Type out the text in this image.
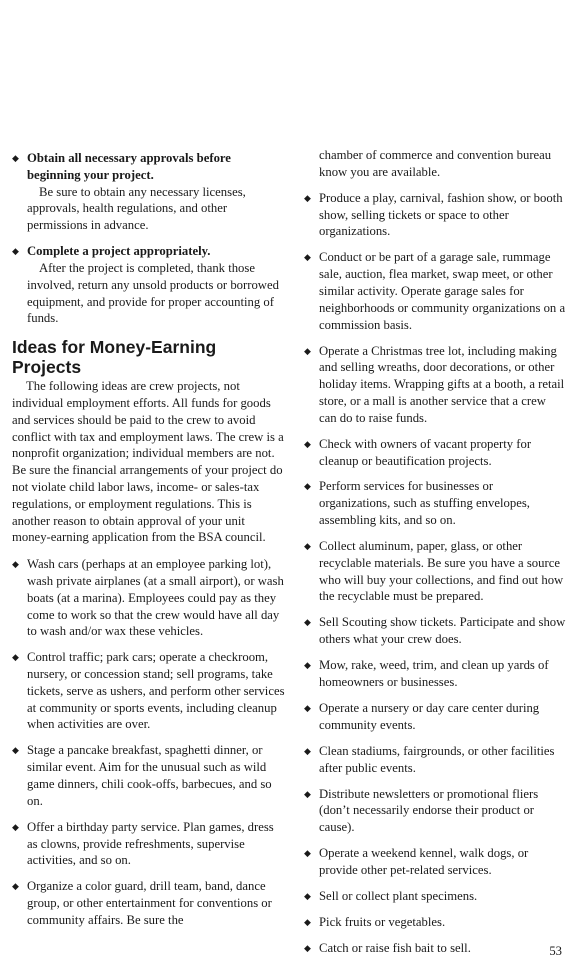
◆ Obtain all necessary approvals before beginning your project.
Be sure to obtain any necessary licenses, approvals, health regulations, and other permissions in advance.
◆ Complete a project appropriately.
After the project is completed, thank those involved, return any unsold products or borrowed equipment, and provide for proper accounting of funds.
Ideas for Money-Earning Projects

The following ideas are crew projects, not individual employment efforts. All funds for goods and services should be paid to the crew to avoid conflict with tax and employment laws. The crew is a nonprofit organization; individual members are not. Be sure the financial arrangements of your project do not violate child labor laws, income- or sales-tax regulations, or employment regulations. This is another reason to obtain approval of your unit money-earning application from the BSA council.

◆ Wash cars (perhaps at an employee parking lot), wash private airplanes (at a small airport), or wash boats (at a marina). Employees could pay as they come to work so that the crew would have all day to wash and/or wax these vehicles.
◆ Control traffic; park cars; operate a checkroom, nursery, or concession stand; sell programs, take tickets, serve as ushers, and perform other services at community or sports events, including cleanup when activities are over.
◆ Stage a pancake breakfast, spaghetti dinner, or similar event. Aim for the unusual such as wild game dinners, chili cook-offs, barbecues, and so on.
◆ Offer a birthday party service. Plan games, dress as clowns, provide refreshments, supervise activities, and so on.
◆ Organize a color guard, drill team, band, dance group, or other entertainment for conventions or community affairs. Be sure the

chamber of commerce and convention bureau know you are available.

◆ Produce a play, carnival, fashion show, or booth show, selling tickets or space to other organizations.
◆ Conduct or be part of a garage sale, rummage sale, auction, flea market, swap meet, or other similar activity. Operate garage sales for neighborhoods or community organizations on a commission basis.
◆ Operate a Christmas tree lot, including making and selling wreaths, door decorations, or other holiday items. Wrapping gifts at a booth, a retail store, or a mall is another service that a crew can do to raise funds.
◆ Check with owners of vacant property for cleanup or beautification projects.
◆ Perform services for businesses or organizations, such as stuffing envelopes, assembling kits, and so on.
◆ Collect aluminum, paper, glass, or other recyclable materials. Be sure you have a source who will buy your collections, and find out how the recyclable must be prepared.
◆ Sell Scouting show tickets. Participate and show others what your crew does.
◆ Mow, rake, weed, trim, and clean up yards of homeowners or businesses.
◆ Operate a nursery or day care center during community events.
◆ Clean stadiums, fairgrounds, or other facilities after public events.
◆ Distribute newsletters or promotional fliers (don’t necessarily endorse their product or cause).
◆ Operate a weekend kennel, walk dogs, or provide other pet-related services.
◆ Sell or collect plant specimens.
◆ Pick fruits or vegetables.
◆ Catch or raise fish bait to sell.	53
